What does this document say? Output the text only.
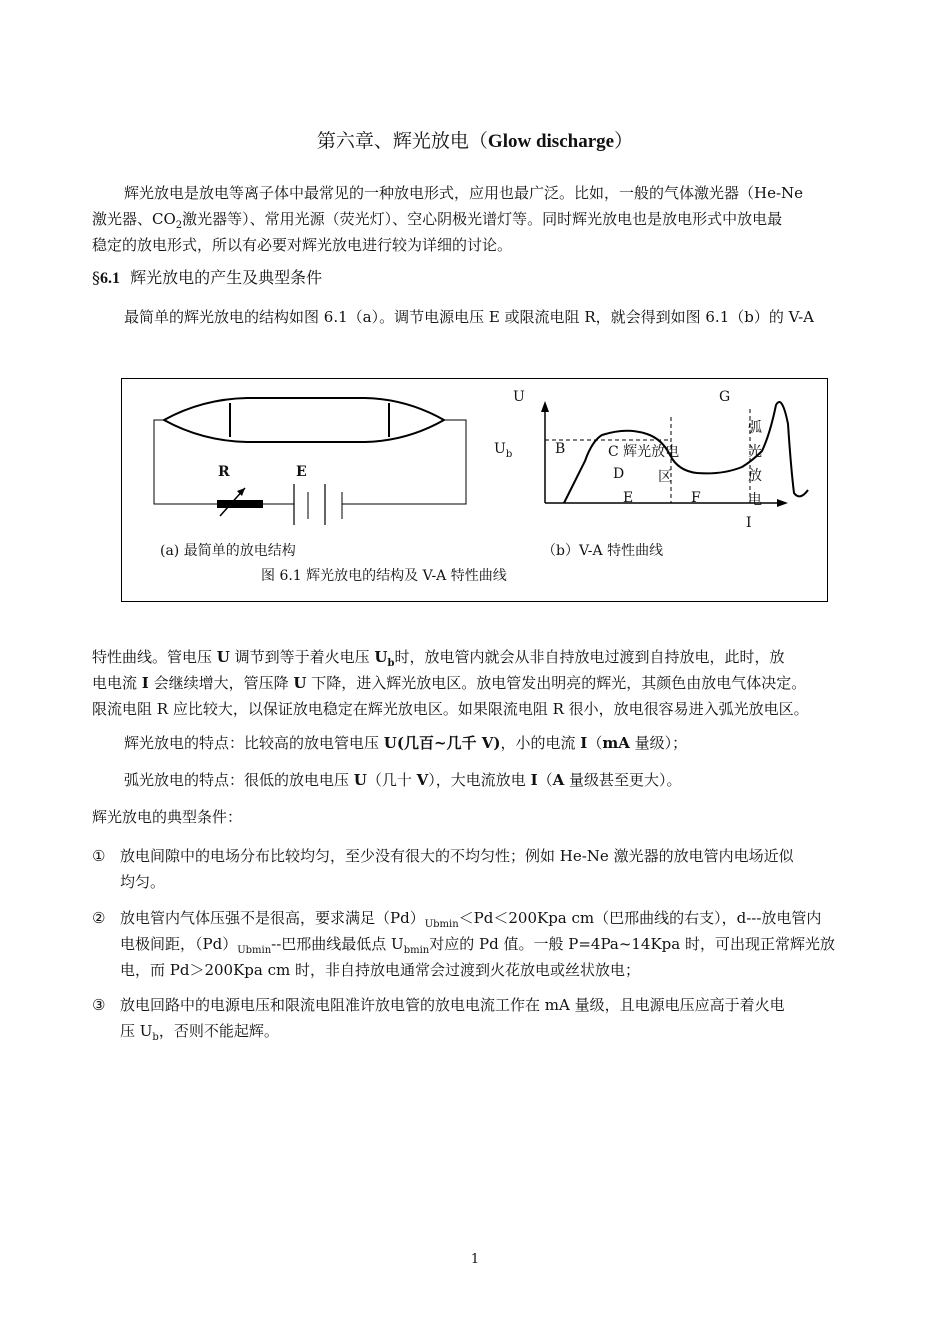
第六章、辉光放电（Glow discharge）
辉光放电是放电等离子体中最常见的一种放电形式，应用也最广泛。比如，一般的气体激光器（He-Ne
激光器、$CO_2$激光器等）、常用光源（荧光灯）、空心阴极光谱灯等。同时辉光放电也是放电形式中放电最
稳定的放电形式，所以有必要对辉光放电进行较为详细的讨论。
§6.1 辉光放电的产生及典型条件
最简单的辉光放电的结构如图 6.1（a）。调节电源电压 E 或限流电阻 R，就会得到如图 6.1（b）的 V-A
R	E
U	G
$U_b$	B	C 辉光放电
D 区
E	F
弧
光
放
电
I
(a) 最简单的放电结构	（b）V-A 特性曲线
图 6.1 辉光放电的结构及 V-A 特性曲线
特性曲线。管电压 U 调节到等于着火电压 $U_b$时，放电管内就会从非自持放电过渡到自持放电，此时，放
电电流 I 会继续增大，管压降 U 下降，进入辉光放电区。放电管发出明亮的辉光，其颜色由放电气体决定。
限流电阻 R 应比较大，以保证放电稳定在辉光放电区。如果限流电阻 R 很小，放电很容易进入弧光放电区。
辉光放电的特点：比较高的放电管电压 U(几百~几千 V)，小的电流 I（mA 量级）；
弧光放电的特点：很低的放电电压 U（几十 V），大电流放电 I（A 量级甚至更大）。
辉光放电的典型条件：
① 放电间隙中的电场分布比较均匀，至少没有很大的不均匀性；例如 He-Ne 激光器的放电管内电场近似
均匀。
② 放电管内气体压强不是很高，要求满足$(Pd)_{Ubmin}<Pd<200Kpa$ cm（巴邢曲线的右支），d---放电管内
电极间距，$(Pd)_{Ubmin}--$巴邢曲线最低点 $U_{bmin}$对应的 Pd 值。一般 P=4Pa~14Kpa 时，可出现正常辉光放
电，而 Pd＞200Kpa cm 时，非自持放电通常会过渡到火花放电或丝状放电；
③ 放电回路中的电源电压和限流电阻准许放电管的放电电流工作在 mA 量级，且电源电压应高于着火电
压 $U_b$，否则不能起辉。
1
